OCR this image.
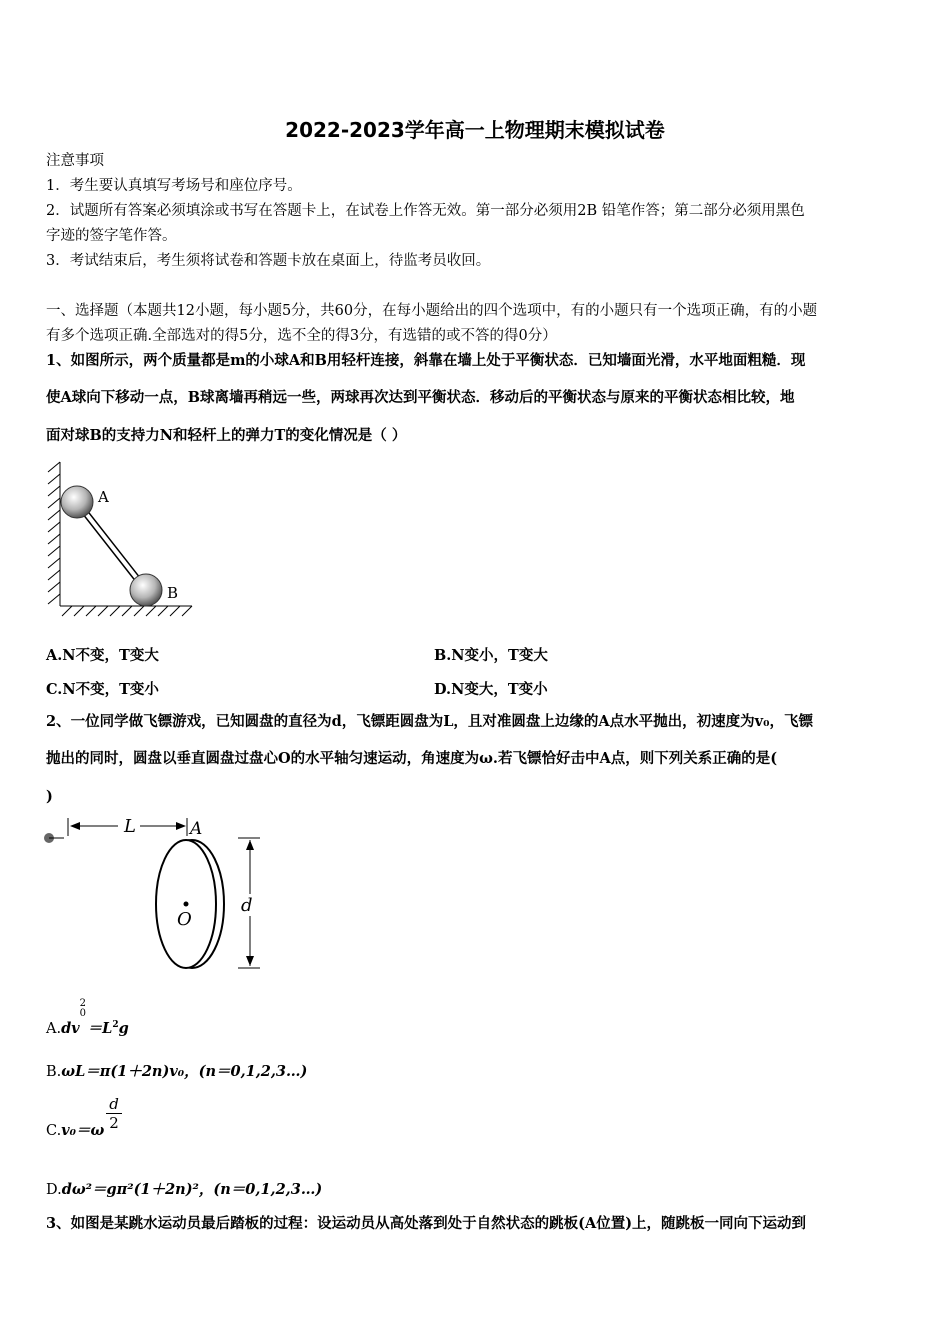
2022-2023学年高一上物理期末模拟试卷
注意事项
1．考生要认真填写考场号和座位序号。
2．试题所有答案必须填涂或书写在答题卡上，在试卷上作答无效。第一部分必须用2B 铅笔作答；第二部分必须用黑色
字迹的签字笔作答。
3．考试结束后，考生须将试卷和答题卡放在桌面上，待监考员收回。
一、选择题（本题共12小题，每小题5分，共60分，在每小题给出的四个选项中，有的小题只有一个选项正确，有的小题
有多个选项正确.全部选对的得5分，选不全的得3分，有选错的或不答的得0分）
1、如图所示，两个质量都是m的小球A和B用轻杆连接，斜靠在墙上处于平衡状态．已知墙面光滑，水平地面粗糙．现
使A球向下移动一点，B球离墙再稍远一些，两球再次达到平衡状态．移动后的平衡状态与原来的平衡状态相比较，地
面对球B的支持力N和轻杆上的弹力T的变化情况是（ ）
A
B
A.N不变，T变大	B.N变小，T变大
C.N不变，T变小	D.N变大，T变小
2、一位同学做飞镖游戏，已知圆盘的直径为d，飞镖距圆盘为L，且对准圆盘上边缘的A点水平抛出，初速度为v₀，飞镖
抛出的同时，圆盘以垂直圆盘过盘心O的水平轴匀速运动，角速度为ω.若飞镖恰好击中A点，则下列关系正确的是(
)
L	A
O
d
A.dv
2
0
$=L^2g$
B.ωL＝π(1＋2n)v₀，(n＝0,1,2,3…)
$C.v_0=\omega \frac{d}{2}$
D.dω²＝gπ²(1＋2n)²，(n＝0,1,2,3…)
3、如图是某跳水运动员最后踏板的过程：设运动员从高处落到处于自然状态的跳板(A位置)上，随跳板一同向下运动到
